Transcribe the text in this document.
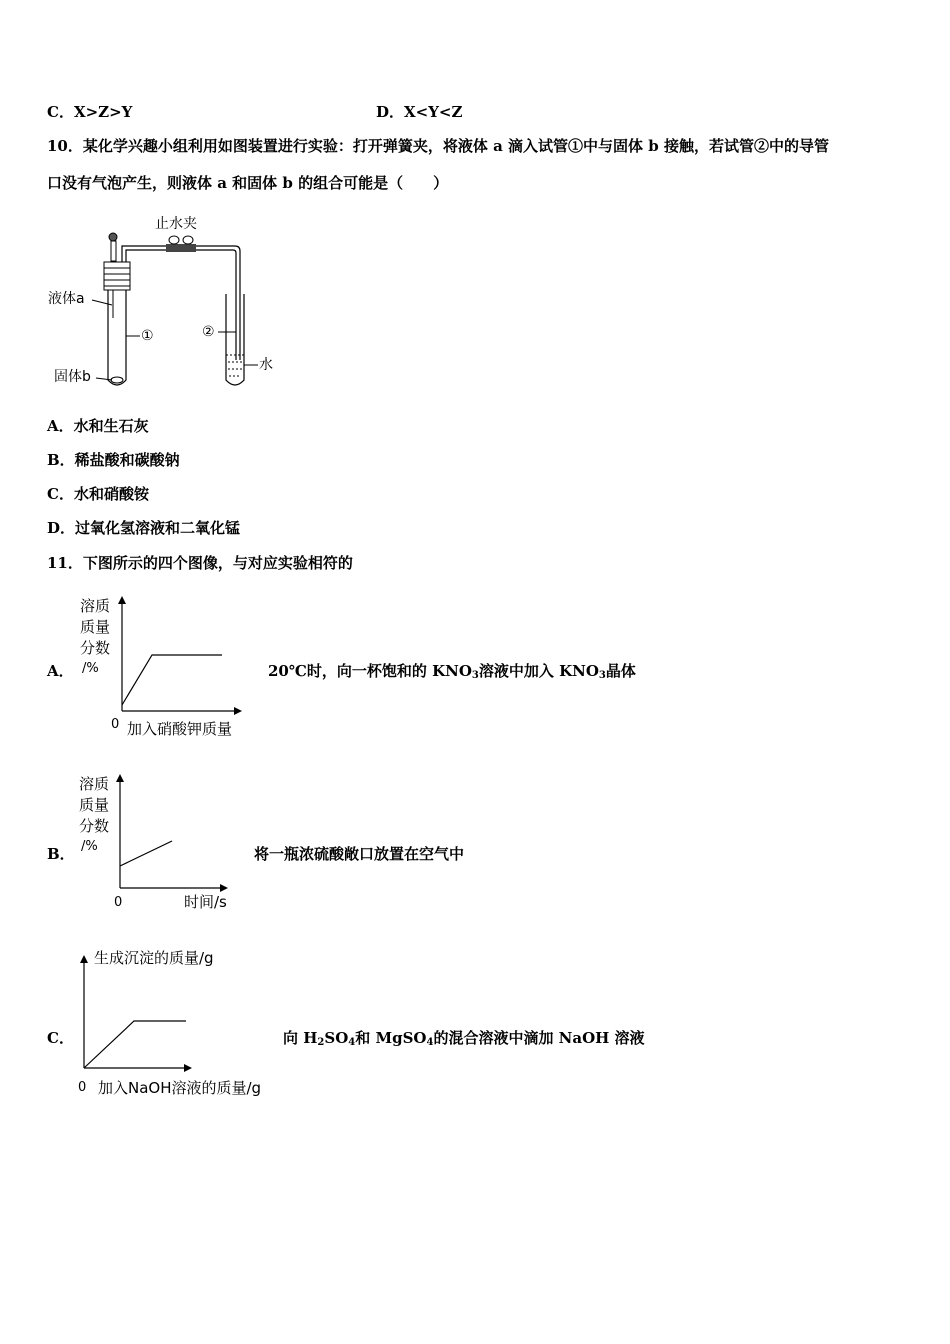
C．X>Z>Y	D．X<Y<Z
10．某化学兴趣小组利用如图装置进行实验：打开弹簧夹，将液体 a 滴入试管①中与固体 b 接触，若试管②中的导管
口没有气泡产生，则液体 a 和固体 b 的组合可能是（　　）
止水夹
液体a
①	②
水
固体b
A．水和生石灰
B．稀盐酸和碳酸钠
C．水和硝酸铵
D．过氧化氢溶液和二氧化锰
11．下图所示的四个图像，与对应实验相符的
A．
溶质
质量
分数
/%
0 加入硝酸钾质量
20℃时，向一杯饱和的 $KNO_3$溶液中加入 $KNO_3$晶体
B．
溶质
质量
分数
/%
0	时间/s
将一瓶浓硫酸敞口放置在空气中
C．
生成沉淀的质量/g
0 加入NaOH溶液的质量/g
向 $H_2SO_4$和 MgSO$_4$的混合溶液中滴加 NaOH 溶液
